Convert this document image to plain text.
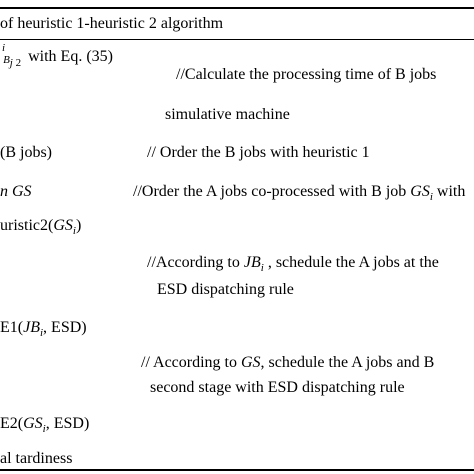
of heuristic 1-heuristic 2 algorithm
$^iB_{j 2}$ with Eq. (35)
//Calculate the processing time of B jobs
simulative machine
(B jobs)	// Order the B jobs with heuristic 1
n GS	//Order the A jobs co-processed with B job $GS_i$ with
$uristic2(GS_i)$
//According to $JB_i$ , schedule the A jobs at the
ESD dispatching rule
$E1(JB_i$, ESD)
// According to GS, schedule the A jobs and B
second stage with ESD dispatching rule
$E2(GS_i$, ESD)
al tardiness
